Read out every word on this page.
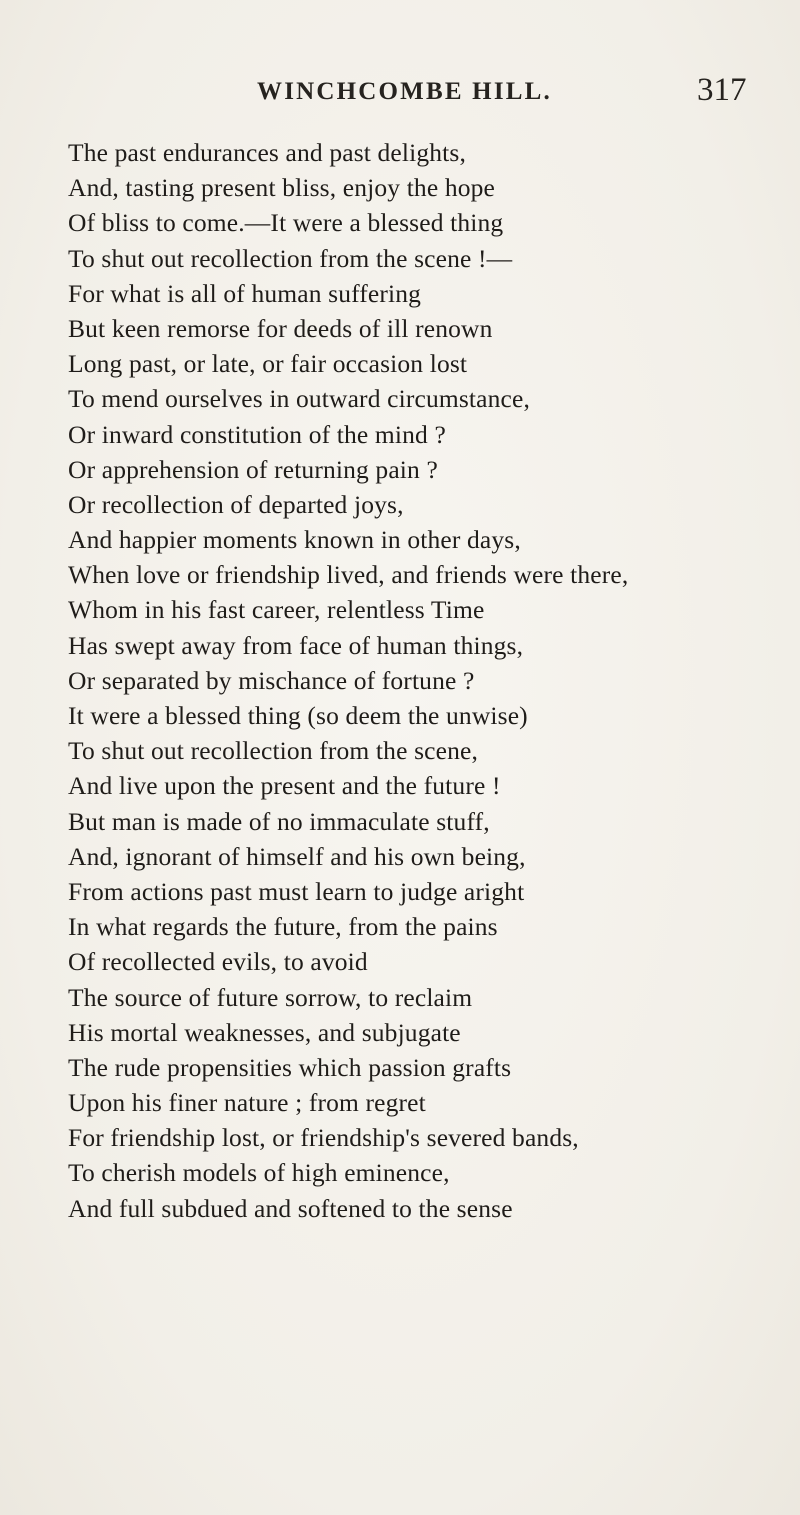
WINCHCOMBE HILL.	317
The past endurances and past delights,
And, tasting present bliss, enjoy the hope
Of bliss to come.—It were a blessed thing
To shut out recollection from the scene !—
For what is all of human suffering
But keen remorse for deeds of ill renown
Long past, or late, or fair occasion lost
To mend ourselves in outward circumstance,
Or inward constitution of the mind ?
Or apprehension of returning pain ?
Or recollection of departed joys,
And happier moments known in other days,
When love or friendship lived, and friends were there,
Whom in his fast career, relentless Time
Has swept away from face of human things,
Or separated by mischance of fortune ?
It were a blessed thing (so deem the unwise)
To shut out recollection from the scene,
And live upon the present and the future !
But man is made of no immaculate stuff,
And, ignorant of himself and his own being,
From actions past must learn to judge aright
In what regards the future, from the pains
Of recollected evils, to avoid
The source of future sorrow, to reclaim
His mortal weaknesses, and subjugate
The rude propensities which passion grafts
Upon his finer nature ; from regret
For friendship lost, or friendship's severed bands,
To cherish models of high eminence,
And full subdued and softened to the sense
